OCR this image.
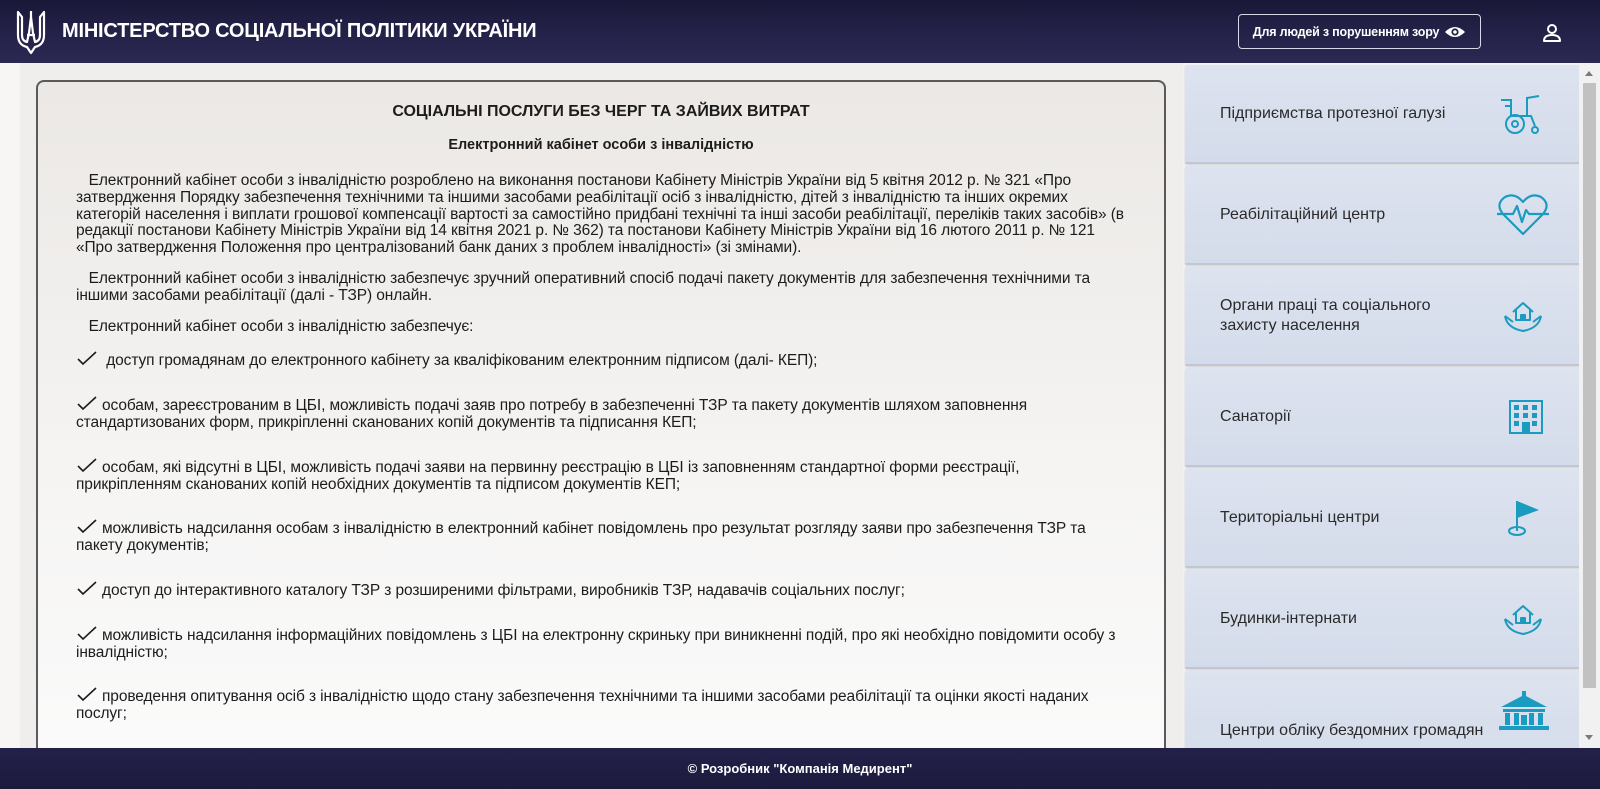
МІНІСТЕРСТВО СОЦІАЛЬНОЇ ПОЛІТИКИ УКРАЇНИ	Для людей з порушенням зору
СОЦІАЛЬНІ ПОСЛУГИ БЕЗ ЧЕРГ ТА ЗАЙВИХ ВИТРАТ
Електронний кабінет особи з інвалідністю

Електронний кабінет особи з інвалідністю розроблено на виконання постанови Кабінету Міністрів України від 5 квітня 2012 р. № 321 «Про затвердження Порядку забезпечення технічними та іншими засобами реабілітації осіб з інвалідністю, дітей з інвалідністю та інших окремих категорій населення і виплати грошової компенсації вартості за самостійно придбані технічні та інші засоби реабілітації, переліків таких засобів» (в редакції постанови Кабінету Міністрів України від 14 квітня 2021 р. № 362) та постанови Кабінету Міністрів України від 16 лютого 2011 р. № 121 «Про затвердження Положення про централізований банк даних з проблем інвалідності» (зі змінами).

Електронний кабінет особи з інвалідністю забезпечує зручний оперативний спосіб подачі пакету документів для забезпечення технічними та іншими засобами реабілітації (далі - ТЗР) онлайн.

Електронний кабінет особи з інвалідністю забезпечує:

доступ громадянам до електронного кабінету за кваліфікованим електронним підписом (далі- КЕП);
особам, зареєстрованим в ЦБІ, можливість подачі заяв про потребу в забезпеченні ТЗР та пакету документів шляхом заповнення стандартизованих форм, прикріпленні сканованих копій документів та підписання КЕП;
особам, які відсутні в ЦБІ, можливість подачі заяви на первинну реєстрацію в ЦБІ із заповненням стандартної форми реєстрації, прикріпленням сканованих копій необхідних документів та підписом документів КЕП;
можливість надсилання особам з інвалідністю в електронний кабінет повідомлень про результат розгляду заяви про забезпечення ТЗР та пакету документів;
доступ до інтерактивного каталогу ТЗР з розширеними фільтрами, виробників ТЗР, надавачів соціальних послуг;
можливість надсилання інформаційних повідомлень з ЦБІ на електронну скриньку при виникненні подій, про які необхідно повідомити особу з інвалідністю;
проведення опитування осіб з інвалідністю щодо стану забезпечення технічними та іншими засобами реабілітації та оцінки якості наданих послуг;
Підприємства протезної галузі
Реабілітаційний центр
Органи праці та соціального захисту населення
Санаторії
Територіальні центри
Будинки-інтернати
Центри обліку бездомних громадян
© Розробник "Компанія Медирент"
